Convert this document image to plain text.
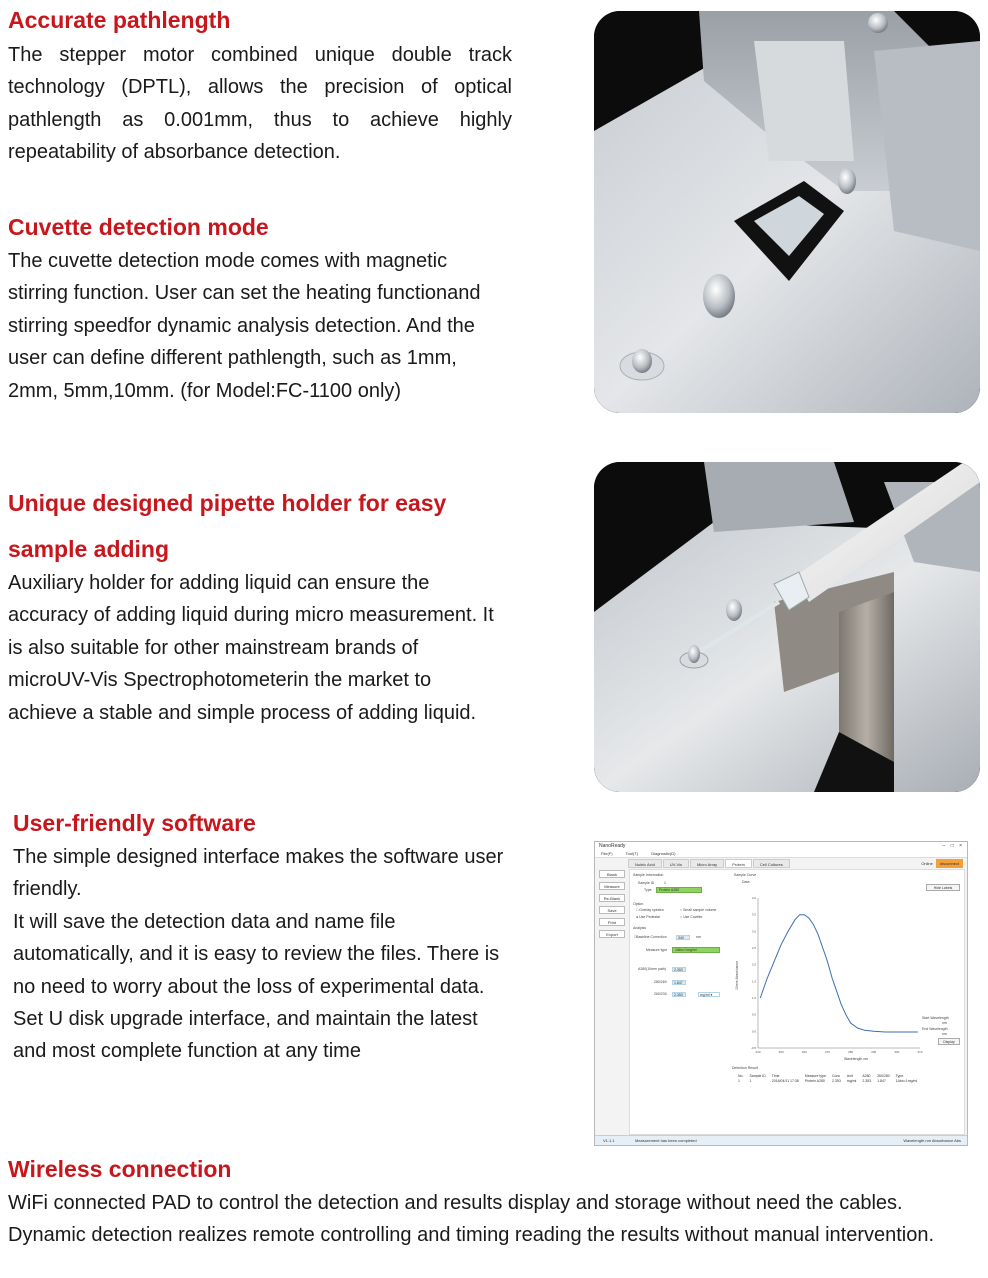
Accurate pathlength

The stepper motor combined unique double track technology (DPTL), allows the precision of optical pathlength as 0.001mm, thus to achieve highly repeatability of absorbance detection.

Cuvette detection mode

The cuvette detection mode comes with magnetic stirring function. User can set the heating functionand stirring speedfor dynamic analysis detection. And the user can define different pathlength, such as 1mm, 2mm, 5mm,10mm. (for Model:FC-1100 only)

Unique designed pipette holder for easy
sample adding

Auxiliary holder for adding liquid can ensure the accuracy of adding liquid during micro measurement. It is also suitable for other mainstream brands of microUV-Vis Spectrophotometerin the market to achieve a stable and simple process of adding liquid.

User-friendly software

The simple designed interface makes the software user friendly.

It will save the detection data and name file automatically, and it is easy to review the files. There is no need to worry about the loss of experimental data.

Set U disk upgrade interface, and maintain the latest and most complete function at any time

Wireless connection

WiFi connected PAD to control the detection and results display and storage without need the cables.

Dynamic detection realizes remote controlling and timing reading the results without manual intervention.

NanoReady	– □ ×
File(F)	Tool(T)	Diagnostic(D)
Nuleic Acid	UV-Vis	Micro Array	Protein	Cell Cultures	Online	disconnect
Blank
Measure
Re-Blank
Save
Print
Export
Sample Information
Sample ID	1
Type	Protein A280
Option
□ Overlay spectra	○ Small sample volume
● Use Pedestal	○ Use Cuvette
Analysis
□Baseline Correction	340	nm
Measure type	1Abs=1mg/ml
A280(10mm path)	2.353
280/260	1.847
260/230	2.353	mg/ml ▾
Sample Curve
Data
Hide Labels
-0.5
0.0
0.5
1.0
1.5
2.0
2.5
3.0
3.5
4.0
240	250	260	270	280	290	300	310
10mm Absorbance
Wavelength nm
Start Wavelength
nm
End Wavelength
nm
Display
Detection Result
No.	Sample ID	Time	Measure type	Conc	Unit	A280	260/280	Type
1	1	2016/04/11 17:38	Protein A280	2.353	mg/ml	2.353	1.847	1Abs=1mg/ml
V1.1.1	Measurement has been completed	Wavelength nm Absorbance Abs
